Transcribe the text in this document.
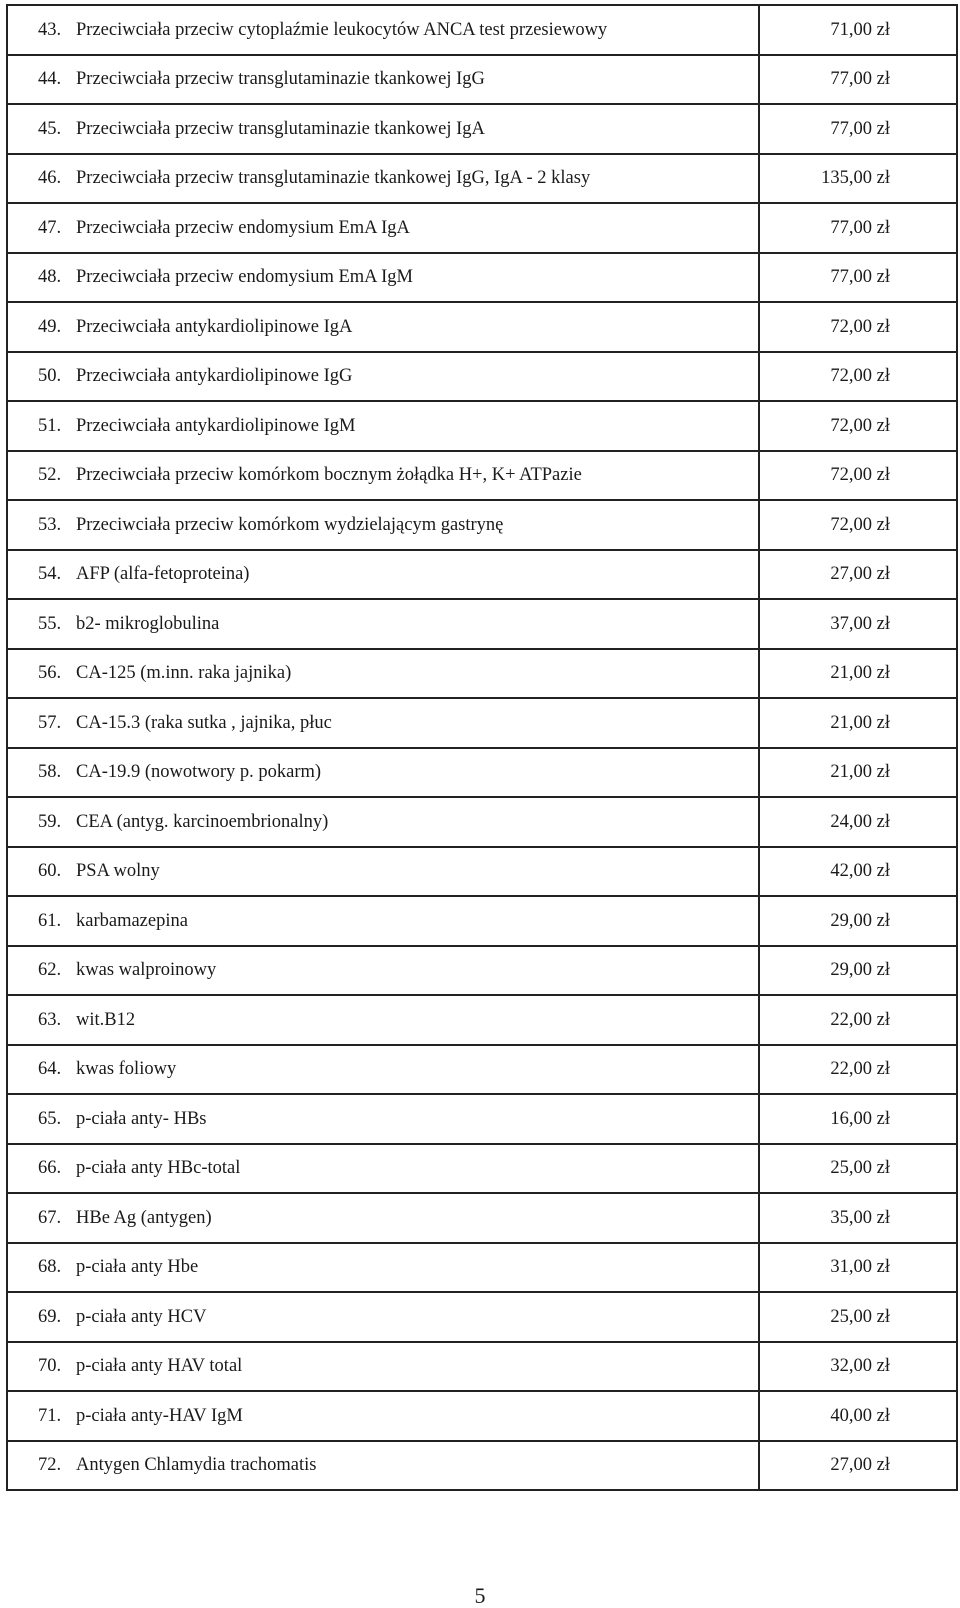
43. Przeciwciała przeciw cytoplaźmie leukocytów ANCA test przesiewowy	71,00 zł
44. Przeciwciała przeciw transglutaminazie tkankowej IgG	77,00 zł
45. Przeciwciała przeciw transglutaminazie tkankowej IgA	77,00 zł
46. Przeciwciała przeciw transglutaminazie tkankowej IgG, IgA - 2 klasy	135,00 zł
47. Przeciwciała przeciw endomysium EmA IgA	77,00 zł
48. Przeciwciała przeciw endomysium EmA IgM	77,00 zł
49. Przeciwciała antykardiolipinowe IgA	72,00 zł
50. Przeciwciała antykardiolipinowe IgG	72,00 zł
51. Przeciwciała antykardiolipinowe IgM	72,00 zł
52. Przeciwciała przeciw komórkom bocznym żołądka H+, K+ ATPazie	72,00 zł
53. Przeciwciała przeciw komórkom wydzielającym gastrynę	72,00 zł
54. AFP (alfa-fetoproteina)	27,00 zł
55. b2- mikroglobulina	37,00 zł
56. CA-125 (m.inn. raka jajnika)	21,00 zł
57. CA-15.3 (raka sutka , jajnika, płuc	21,00 zł
58. CA-19.9 (nowotwory p. pokarm)	21,00 zł
59. CEA (antyg. karcinoembrionalny)	24,00 zł
60. PSA wolny	42,00 zł
61. karbamazepina	29,00 zł
62. kwas walproinowy	29,00 zł
63. wit.B12	22,00 zł
64. kwas foliowy	22,00 zł
65. p-ciała anty- HBs	16,00 zł
66. p-ciała anty HBc-total	25,00 zł
67. HBe Ag (antygen)	35,00 zł
68. p-ciała anty Hbe	31,00 zł
69. p-ciała anty HCV	25,00 zł
70. p-ciała anty HAV total	32,00 zł
71. p-ciała anty-HAV IgM	40,00 zł
72. Antygen Chlamydia trachomatis	27,00 zł
5
